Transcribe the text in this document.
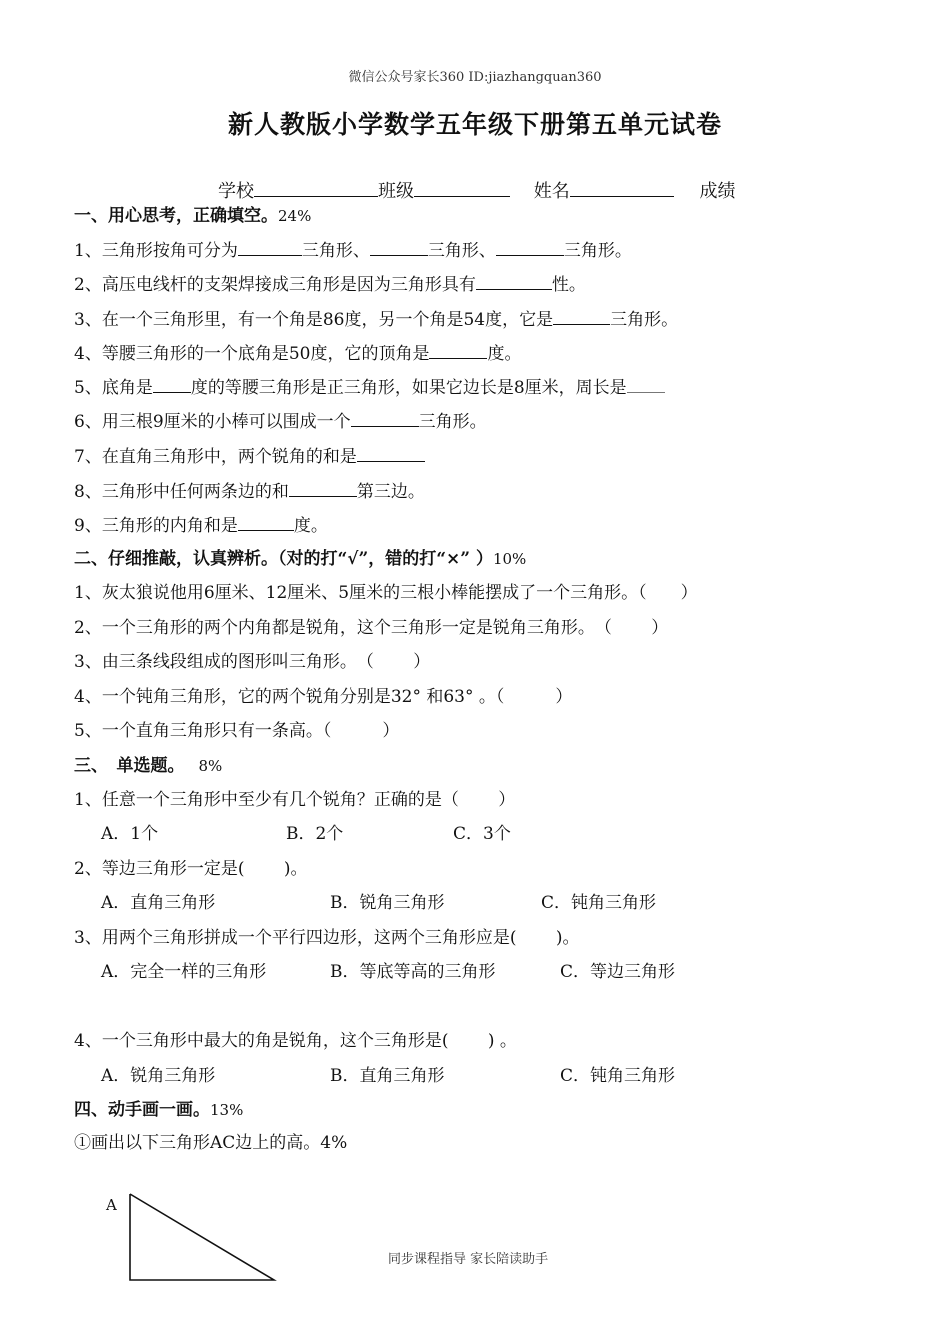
微信公众号家长360 ID:jiazhangquan360
新人教版小学数学五年级下册第五单元试卷
学校	班级	姓名	成绩
一、用心思考，正确填空。24%
1、三角形按角可分为	三角形、	三角形、	三角形。
2、高压电线杆的支架焊接成三角形是因为三角形具有	性。
3、在一个三角形里，有一个角是86度，另一个角是54度，它是	三角形。
4、等腰三角形的一个底角是50度，它的顶角是	度。
5、底角是 度的等腰三角形是正三角形，如果它边长是8厘米，周长是
6、用三根9厘米的小棒可以围成一个	三角形。
7、在直角三角形中，两个锐角的和是
8、三角形中任何两条边的和	第三边。
9、三角形的内角和是	度。
二、仔细推敲，认真辨析。（对的打“√”，错的打“×” ）10%
1、灰太狼说他用6厘米、12厘米、5厘米的三根小棒能摆成了一个三角形。（　　）
2、一个三角形的两个内角都是锐角，这个三角形一定是锐角三角形。　（　　 ）
3、由三条线段组成的图形叫三角形。　（　　 ）
4、一个钝角三角形，它的两个锐角分别是32° 和63° 。（　　　）
5、一个直角三角形只有一条高。（　　　）
三、　单选题。 8%
1、任意一个三角形中至少有几个锐角？正确的是（　　 ）
A．1个	B．2个	C．3个
2、等边三角形一定是(　　 )。
A．直角三角形	B．锐角三角形	C．钝角三角形
3、用两个三角形拼成一个平行四边形，这两个三角形应是(　　 )。
A．完全一样的三角形	B．等底等高的三角形	C．等边三角形
4、一个三角形中最大的角是锐角，这个三角形是(　　 ) 。
A．锐角三角形	B．直角三角形	C．钝角三角形
四、动手画一画。13%
①画出以下三角形AC边上的高。4%
A
同步课程指导 家长陪读助手
